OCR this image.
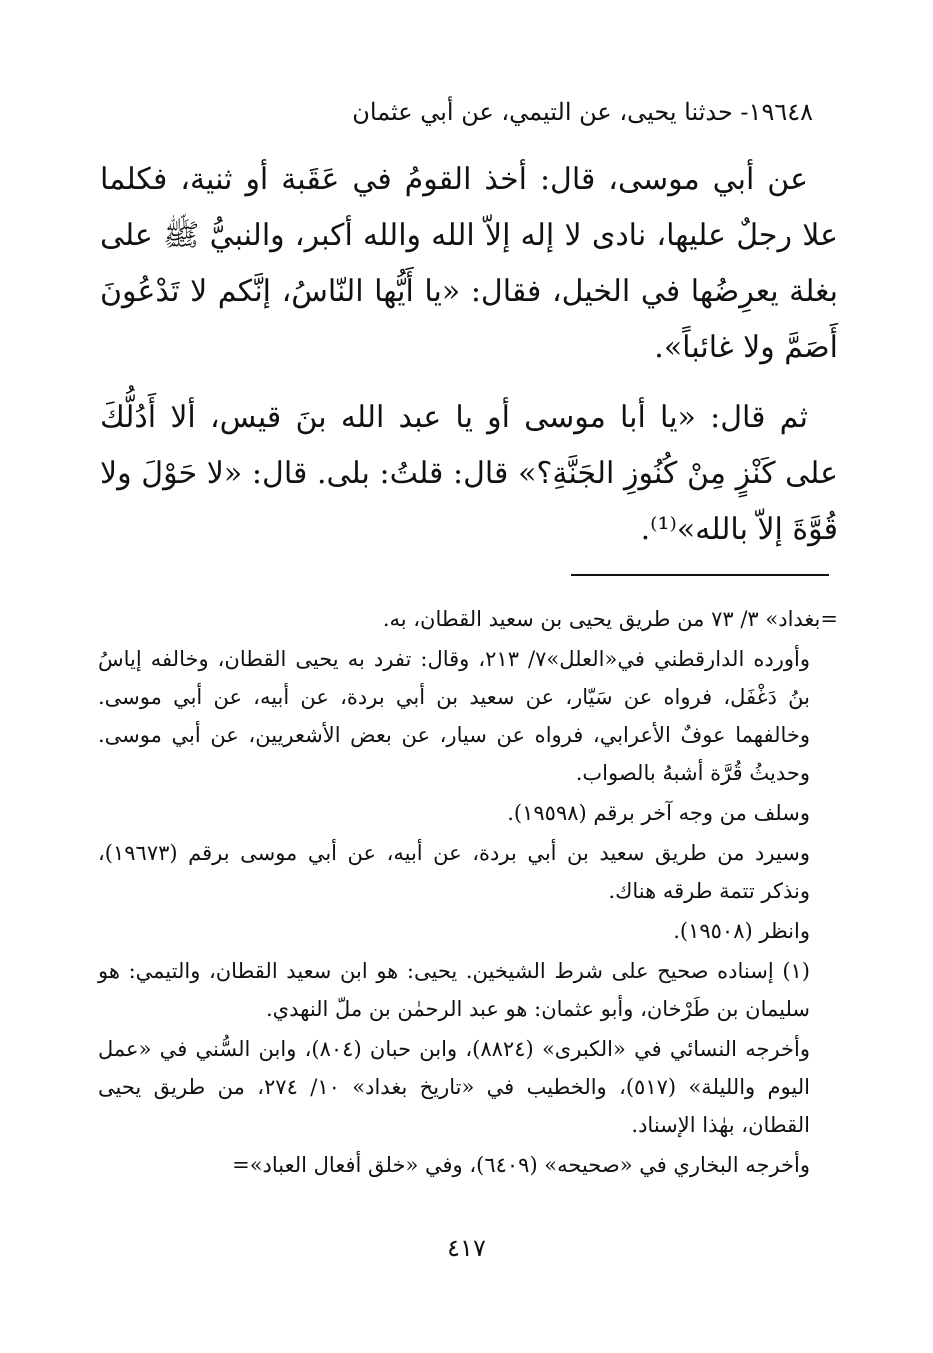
١٩٦٤٨- حدثنا يحيى، عن التيمي، عن أبي عثمان

عن أبي موسى، قال: أخذ القومُ في عَقَبة أو ثنية، فكلما علا رجلٌ عليها، نادى لا إله إلاّ الله والله أكبر، والنبيُّ ﷺ على بغلة يعرِضُها في الخيل، فقال: «يا أَيُّها النّاسُ، إنَّكم لا تَدْعُونَ أَصَمَّ ولا غائباً».

ثم قال: «يا أبا موسى أو يا عبد الله بنَ قيس، ألا أَدُلُّكَ على كَنْزٍ مِنْ كُنُوزِ الجَنَّةِ؟» قال: قلتُ: بلى. قال: «لا حَوْلَ ولا قُوَّةَ إلاّ بالله»⁽¹⁾.

=بغداد» ٣/ ٧٣ من طريق يحيى بن سعيد القطان، به.

وأورده الدارقطني في«العلل»٧/ ٢١٣، وقال: تفرد به يحيى القطان، وخالفه إياسُ بنُ دَغْفَل، فرواه عن سَيّار، عن سعيد بن أبي بردة، عن أبيه، عن أبي موسى. وخالفهما عوفٌ الأعرابي، فرواه عن سيار، عن بعض الأشعريين، عن أبي موسى. وحديثُ قُرَّة أشبهُ بالصواب.

وسلف من وجه آخر برقم (١٩٥٩٨).

وسيرد من طريق سعيد بن أبي بردة، عن أبيه، عن أبي موسى برقم (١٩٦٧٣)، ونذكر تتمة طرقه هناك.

وانظر (١٩٥٠٨).

(١) إسناده صحيح على شرط الشيخين. يحيى: هو ابن سعيد القطان، والتيمي: هو سليمان بن طَرْخان، وأبو عثمان: هو عبد الرحمٰن بن ملّ النهدي.

وأخرجه النسائي في «الكبرى» (٨٨٢٤)، وابن حبان (٨٠٤)، وابن السُّني في «عمل اليوم والليلة» (٥١٧)، والخطيب في «تاريخ بغداد» ١٠/ ٢٧٤، من طريق يحيى القطان، بهٰذا الإسناد.

وأخرجه البخاري في «صحيحه» (٦٤٠٩)، وفي «خلق أفعال العباد»=

٤١٧
